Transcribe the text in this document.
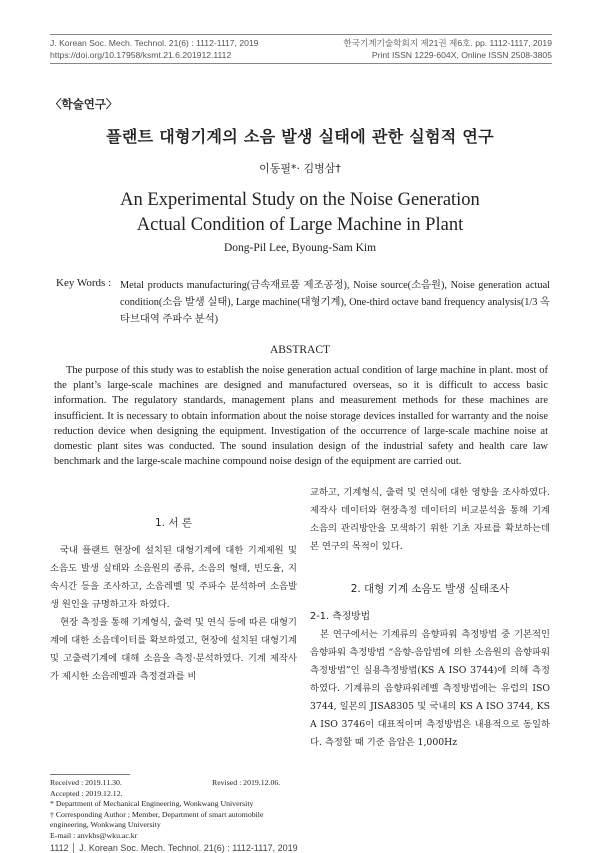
J. Korean Soc. Mech. Technol. 21(6) : 1112-1117, 2019
https://doi.org/10.17958/ksmt.21.6.201912.1112
한국기계기술학회지 제21권 제6호. pp. 1112-1117, 2019
Print ISSN 1229-604X, Online ISSN 2508-3805
〈학술연구〉
플랜트 대형기계의 소음 발생 실태에 관한 실험적 연구
이동필*· 김병삼†
An Experimental Study on the Noise Generation
Actual Condition of Large Machine in Plant
Dong-Pil Lee, Byoung-Sam Kim
Key Words : Metal products manufacturing(금속재료품 제조공정), Noise source(소음원), Noise generation actual condition(소음 발생 실태), Large machine(대형기계), One-third octave band frequency analysis(1/3 옥타브대역 주파수 분석)
ABSTRACT
The purpose of this study was to establish the noise generation actual condition of large machine in plant. most of the plant’s large-scale machines are designed and manufactured overseas, so it is difficult to access basic information. The regulatory standards, management plans and measurement methods for these machines are insufficient. It is necessary to obtain information about the noise storage devices installed for warranty and the noise reduction device when designing the equipment. Investigation of the occurrence of large-scale machine noise at domestic plant sites was conducted. The sound insulation design of the industrial safety and health care law benchmark and the large-scale machine compound noise design of the equipment are carried out.

1. 서 론

국내 플랜트 현장에 설치된 대형기계에 대한 기계제원 및 소음도 발생 실태와 소음원의 종류, 소음의 형태, 빈도율, 지속시간 등을 조사하고, 소음레벨 및 주파수 분석하여 소음발생 원인을 규명하고자 하였다.

현장 측정을 통해 기계형식, 출력 및 연식 등에 따른 대형기계에 대한 소음데이터를 확보하였고, 현장에 설치된 대형기계 및 고출력기계에 대해 소음을 측정·분석하였다. 기계 제작사가 제시한 소음레벨과 측정결과를 비

교하고, 기계형식, 출력 및 연식에 대한 영향을 조사하였다. 제작사 데이터와 현장측정 데이터의 비교분석을 통해 기계소음의 관리방안을 모색하기 위한 기초 자료를 확보하는데 본 연구의 목적이 있다.

2. 대형 기계 소음도 발생 실태조사

2-1. 측정방법

본 연구에서는 기계류의 음향파워 측정방법 중 기본적인 음향파워 측정방법 “음향-음압법에 의한 소음원의 음향파워 측정방법”인 실용측정방법(KS A ISO 3744)에 의해 측정하였다. 기계류의 음향파워레벨 측정방법에는 유럽의 ISO 3744, 일본의 JISA8305 및 국내의 KS A ISO 3744, KS A ISO 3746이 대표적이며 측정방법은 내용적으로 동일하다. 측정할 때 기준 음압은 1,000Hz

Received : 2019.11.30.	Revised : 2019.12.06.
Accepted : 2019.12.12.
* Department of Mechanical Engineering, Wonkwang University
† Corresponding Author ; Member, Department of smart automobile
engineering, Wonkwang University
E-mail : anvkbs@wku.ac.kr
1112 │ J. Korean Soc. Mech. Technol. 21(6) : 1112-1117, 2019
